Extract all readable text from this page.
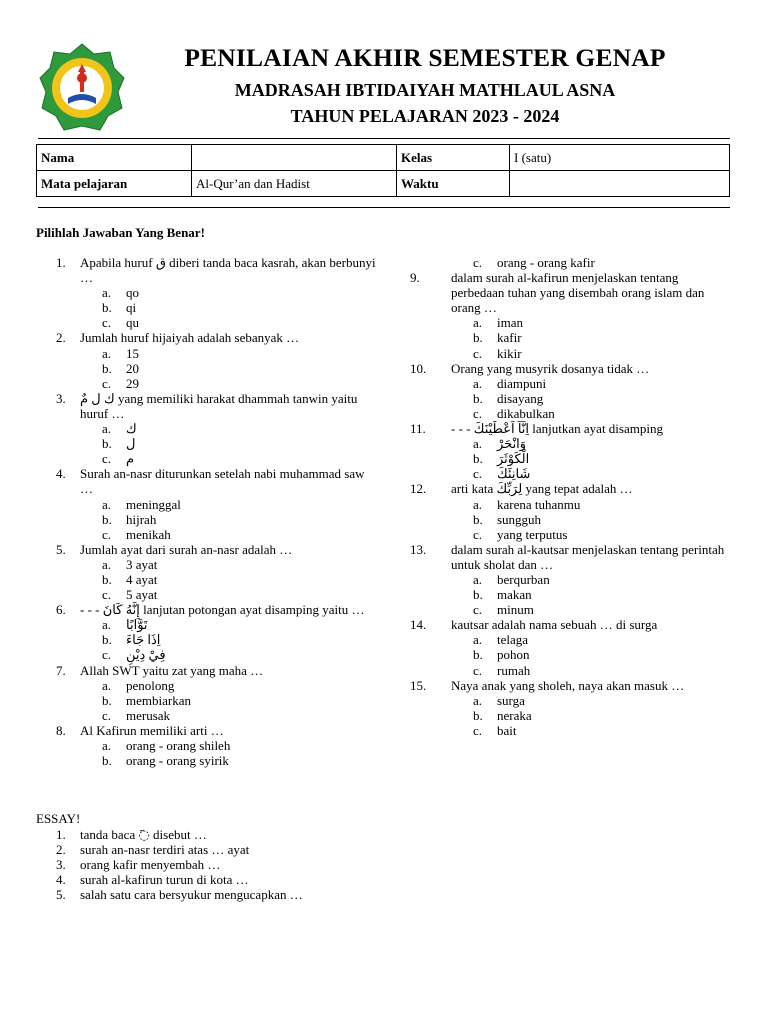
PENILAIAN AKHIR SEMESTER GENAP
MADRASAH IBTIDAIYAH MATHLAUL ASNA
TAHUN PELAJARAN 2023 - 2024
Nama		Kelas	I (satu)
Mata pelajaran	Al-Qur’an dan Hadist	Waktu	
Pilihlah Jawaban Yang Benar!
1. Apabila huruf ق diberi tanda baca kasrah, akan berbunyi …
a. qo
b. qi
c. qu
2. Jumlah huruf hijaiyah adalah sebanyak …
a. 15
b. 20
c. 29
3. ك ل مٌ yang memiliki harakat dhammah tanwin yaitu huruf …
a. ك
b. ل
c. م
4. Surah an-nasr diturunkan setelah nabi muhammad saw …
a. meninggal
b. hijrah
c. menikah
5. Jumlah ayat dari surah an-nasr adalah …
a. 3 ayat
b. 4 ayat
c. 5 ayat
6. - - - إِنَّهُ كَانَ lanjutan potongan ayat disamping yaitu …
a. تَوَّابًا
b. اِذَا جَاءَ
c. فِيْ دِيْنِ
7. Allah SWT yaitu zat yang maha …
a. penolong
b. membiarkan
c. merusak
8. Al Kafirun memiliki arti …
a. orang - orang shileh
b. orang - orang syirik
c. orang - orang kafir
9. dalam surah al-kafirun menjelaskan tentang perbedaan tuhan yang disembah orang islam dan orang …
a. iman
b. kafir
c. kikir
10. Orang yang musyrik dosanya tidak …
a. diampuni
b. disayang
c. dikabulkan
11. - - - اِنَّآ اَعْطَيْنَكَ lanjutkan ayat disamping
a. وَانْحَرْ
b. الْكَوْثَرَ
c. شَانِئَكَ
12. arti kata لِرَبِّكَ yang tepat adalah …
a. karena tuhanmu
b. sungguh
c. yang terputus
13. dalam surah al-kautsar menjelaskan tentang perintah untuk sholat dan …
a. berqurban
b. makan
c. minum
14. kautsar adalah nama sebuah … di surga
a. telaga
b. pohon
c. rumah
15. Naya anak yang sholeh, naya akan masuk …
a. surga
b. neraka
c. bait
ESSAY!
1. tanda baca ◌َ disebut …
2. surah an-nasr terdiri atas … ayat
3. orang kafir menyembah …
4. surah al-kafirun turun di kota …
5. salah satu cara bersyukur mengucapkan …
